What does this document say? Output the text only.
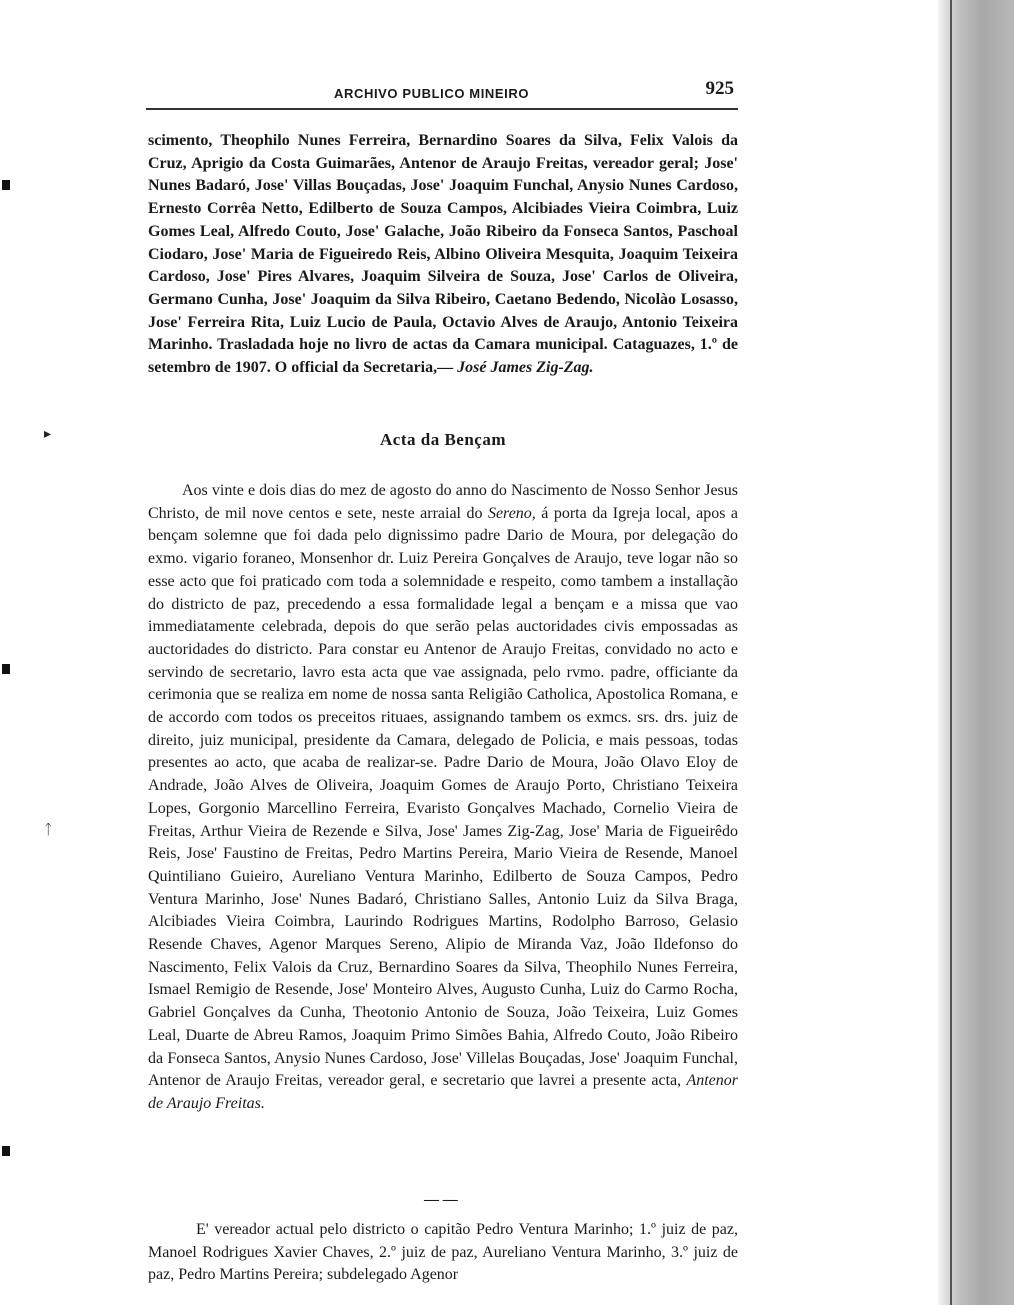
▸
ᛏ
ARCHIVO PUBLICO MINEIRO	925
scimento, Theophilo Nunes Ferreira, Bernardino Soares da Silva, Felix Valois da Cruz, Aprigio da Costa Guimarães, Antenor de Araujo Freitas, vereador geral; Jose' Nunes Badaró, Jose' Villas Bouçadas, Jose' Joaquim Funchal, Anysio Nunes Cardoso, Ernesto Corrêa Netto, Edilberto de Souza Campos, Alcibiades Vieira Coimbra, Luiz Gomes Leal, Alfredo Couto, Jose' Galache, João Ribeiro da Fonseca Santos, Paschoal Ciodaro, Jose' Maria de Figueiredo Reis, Albino Oliveira Mesquita, Joaquim Teixeira Cardoso, Jose' Pires Alvares, Joaquim Silveira de Souza, Jose' Carlos de Oliveira, Germano Cunha, Jose' Joaquim da Silva Ribeiro, Caetano Bedendo, Nicolào Losasso, Jose' Ferreira Rita, Luiz Lucio de Paula, Octavio Alves de Araujo, Antonio Teixeira Marinho. Trasladada hoje no livro de actas da Camara municipal. Cataguazes, 1.º de setembro de 1907. O official da Secretaria,— José James Zig-Zag.
Acta da Bençam
Aos vinte e dois dias do mez de agosto do anno do Nascimento de Nosso Senhor Jesus Christo, de mil nove centos e sete, neste arraial do Sereno, á porta da Igreja local, apos a bençam solemne que foi dada pelo dignissimo padre Dario de Moura, por delegação do exmo. vigario foraneo, Monsenhor dr. Luiz Pereira Gonçalves de Araujo, teve logar não so esse acto que foi praticado com toda a solemnidade e respeito, como tambem a installação do districto de paz, precedendo a essa formalidade legal a bençam e a missa que vao immediatamente celebrada, depois do que serão pelas auctoridades civis empossadas as auctoridades do districto. Para constar eu Antenor de Araujo Freitas, convidado no acto e servindo de secretario, lavro esta acta que vae assignada, pelo rvmo. padre, officiante da cerimonia que se realiza em nome de nossa santa Religião Catholica, Apostolica Romana, e de accordo com todos os preceitos rituaes, assignando tambem os exmcs. srs. drs. juiz de direito, juiz municipal, presidente da Camara, delegado de Policia, e mais pessoas, todas presentes ao acto, que acaba de realizar-se. Padre Dario de Moura, João Olavo Eloy de Andrade, João Alves de Oliveira, Joaquim Gomes de Araujo Porto, Christiano Teixeira Lopes, Gorgonio Marcellino Ferreira, Evaristo Gonçalves Machado, Cornelio Vieira de Freitas, Arthur Vieira de Rezende e Silva, Jose' James Zig-Zag, Jose' Maria de Figueirêdo Reis, Jose' Faustino de Freitas, Pedro Martins Pereira, Mario Vieira de Resende, Manoel Quintiliano Guieiro, Aureliano Ventura Marinho, Edilberto de Souza Campos, Pedro Ventura Marinho, Jose' Nunes Badaró, Christiano Salles, Antonio Luiz da Silva Braga, Alcibiades Vieira Coimbra, Laurindo Rodrigues Martins, Rodolpho Barroso, Gelasio Resende Chaves, Agenor Marques Sereno, Alipio de Miranda Vaz, João Ildefonso do Nascimento, Felix Valois da Cruz, Bernardino Soares da Silva, Theophilo Nunes Ferreira, Ismael Remigio de Resende, Jose' Monteiro Alves, Augusto Cunha, Luiz do Carmo Rocha, Gabriel Gonçalves da Cunha, Theotonio Antonio de Souza, João Teixeira, Luiz Gomes Leal, Duarte de Abreu Ramos, Joaquim Primo Simões Bahia, Alfredo Couto, João Ribeiro da Fonseca Santos, Anysio Nunes Cardoso, Jose' Villelas Bouçadas, Jose' Joaquim Funchal, Antenor de Araujo Freitas, vereador geral, e secretario que lavrei a presente acta, Antenor de Araujo Freitas.
— —
E' vereador actual pelo districto o capitão Pedro Ventura Marinho; 1.º juiz de paz, Manoel Rodrigues Xavier Chaves, 2.º juiz de paz, Aureliano Ventura Marinho, 3.º juiz de paz, Pedro Martins Pereira; subdelegado Agenor
